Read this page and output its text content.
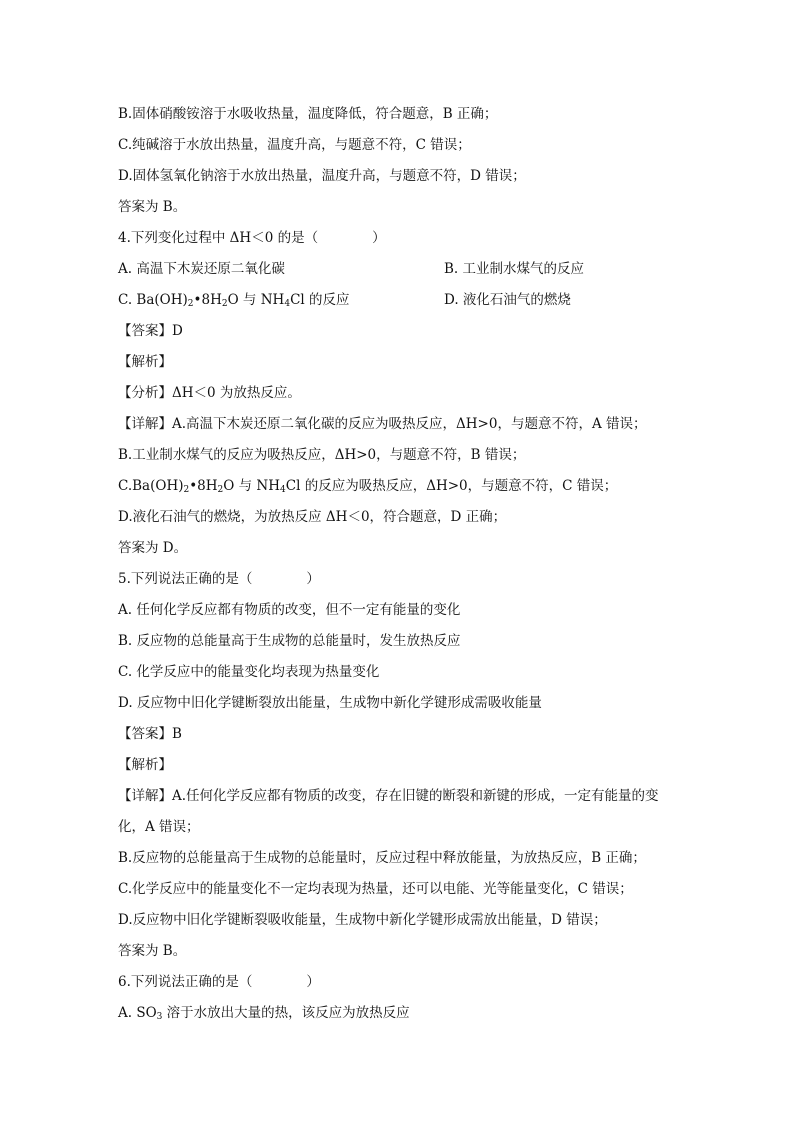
B.固体硝酸铵溶于水吸收热量，温度降低，符合题意，B 正确；
C.纯碱溶于水放出热量，温度升高，与题意不符，C 错误；
D.固体氢氧化钠溶于水放出热量，温度升高，与题意不符，D 错误；
答案为 B。
4.下列变化过程中 ΔH＜0 的是（　　　　）
A. 高温下木炭还原二氧化碳	B. 工业制水煤气的反应
C. $Ba(OH)_2•8H_2O$ 与 $NH_4Cl$ 的反应	D. 液化石油气的燃烧
【答案】D
【解析】
【分析】ΔH＜0 为放热反应。
【详解】A.高温下木炭还原二氧化碳的反应为吸热反应，ΔH>0，与题意不符，A 错误；
B.工业制水煤气的反应为吸热反应，ΔH>0，与题意不符，B 错误；
$C.Ba(OH)_2•8H_2O$ 与 $NH_4Cl$ 的反应为吸热反应，ΔH>0，与题意不符，C 错误；
D.液化石油气的燃烧，为放热反应 ΔH＜0，符合题意，D 正确；
答案为 D。
5.下列说法正确的是（　　　　）
A. 任何化学反应都有物质的改变，但不一定有能量的变化
B. 反应物的总能量高于生成物的总能量时，发生放热反应
C. 化学反应中的能量变化均表现为热量变化
D. 反应物中旧化学键断裂放出能量，生成物中新化学键形成需吸收能量
【答案】B
【解析】
【详解】A.任何化学反应都有物质的改变，存在旧键的断裂和新键的形成，一定有能量的变
化，A 错误；
B.反应物的总能量高于生成物的总能量时，反应过程中释放能量，为放热反应，B 正确；
C.化学反应中的能量变化不一定均表现为热量，还可以电能、光等能量变化，C 错误；
D.反应物中旧化学键断裂吸收能量，生成物中新化学键形成需放出能量，D 错误；
答案为 B。
6.下列说法正确的是（　　　　）
A. $SO_3$ 溶于水放出大量的热，该反应为放热反应
